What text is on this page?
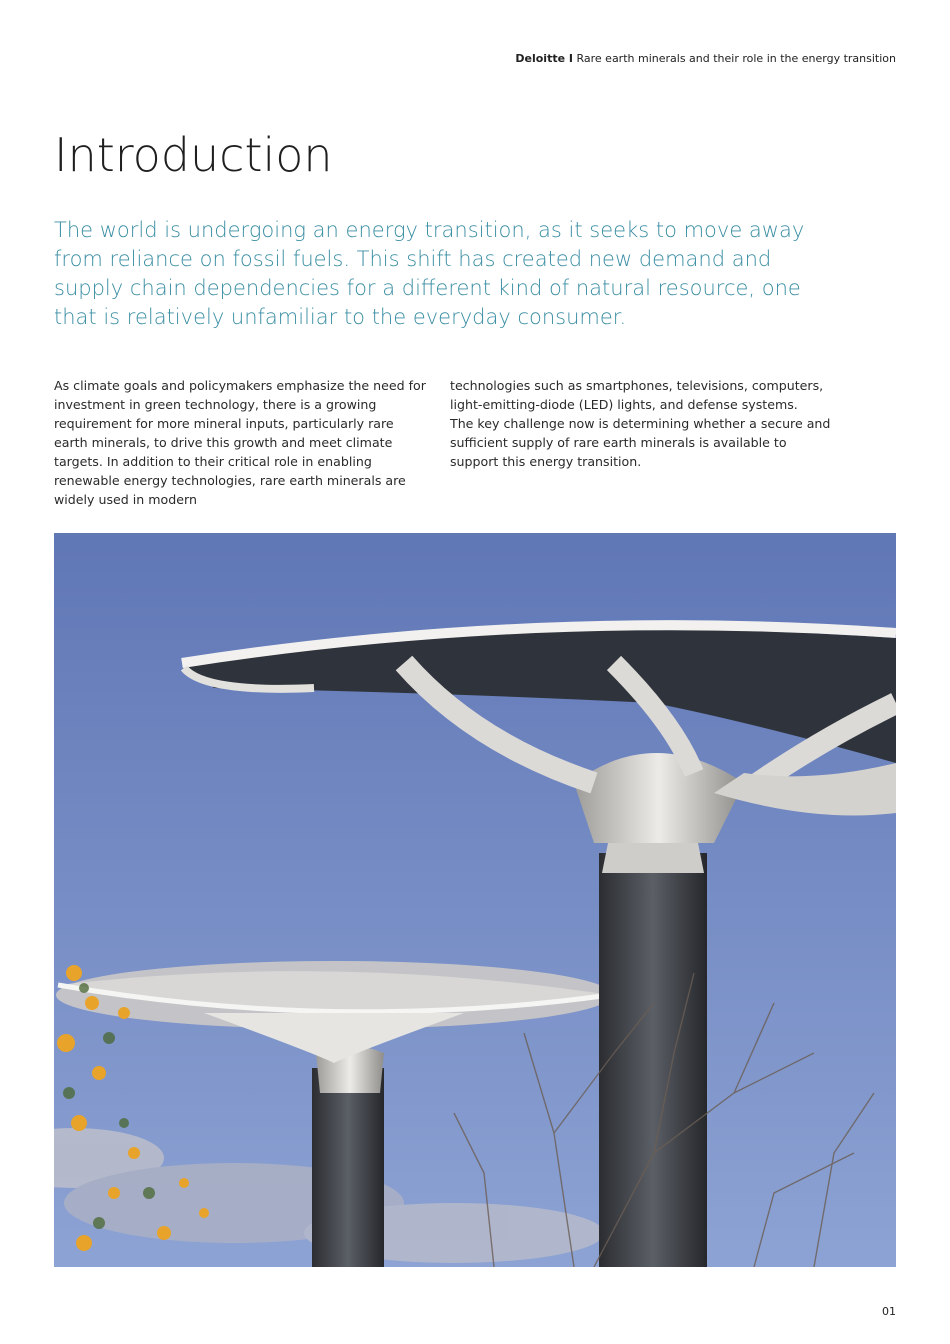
Deloitte I Rare earth minerals and their role in the energy transition
Introduction

The world is undergoing an energy transition, as it seeks to move away from reliance on fossil fuels. This shift has created new demand and supply chain dependencies for a different kind of natural resource, one that is relatively unfamiliar to the everyday consumer.

As climate goals and policymakers emphasize the need for investment in green technology, there is a growing requirement for more mineral inputs, particularly rare earth minerals, to drive this growth and meet climate targets. In addition to their critical role in enabling renewable energy technologies, rare earth minerals are widely used in modern

technologies such as smartphones, televisions, computers, light-emitting-diode (LED) lights, and defense systems.
The key challenge now is determining whether a secure and sufficient supply of rare earth minerals is available to support this energy transition.
01
